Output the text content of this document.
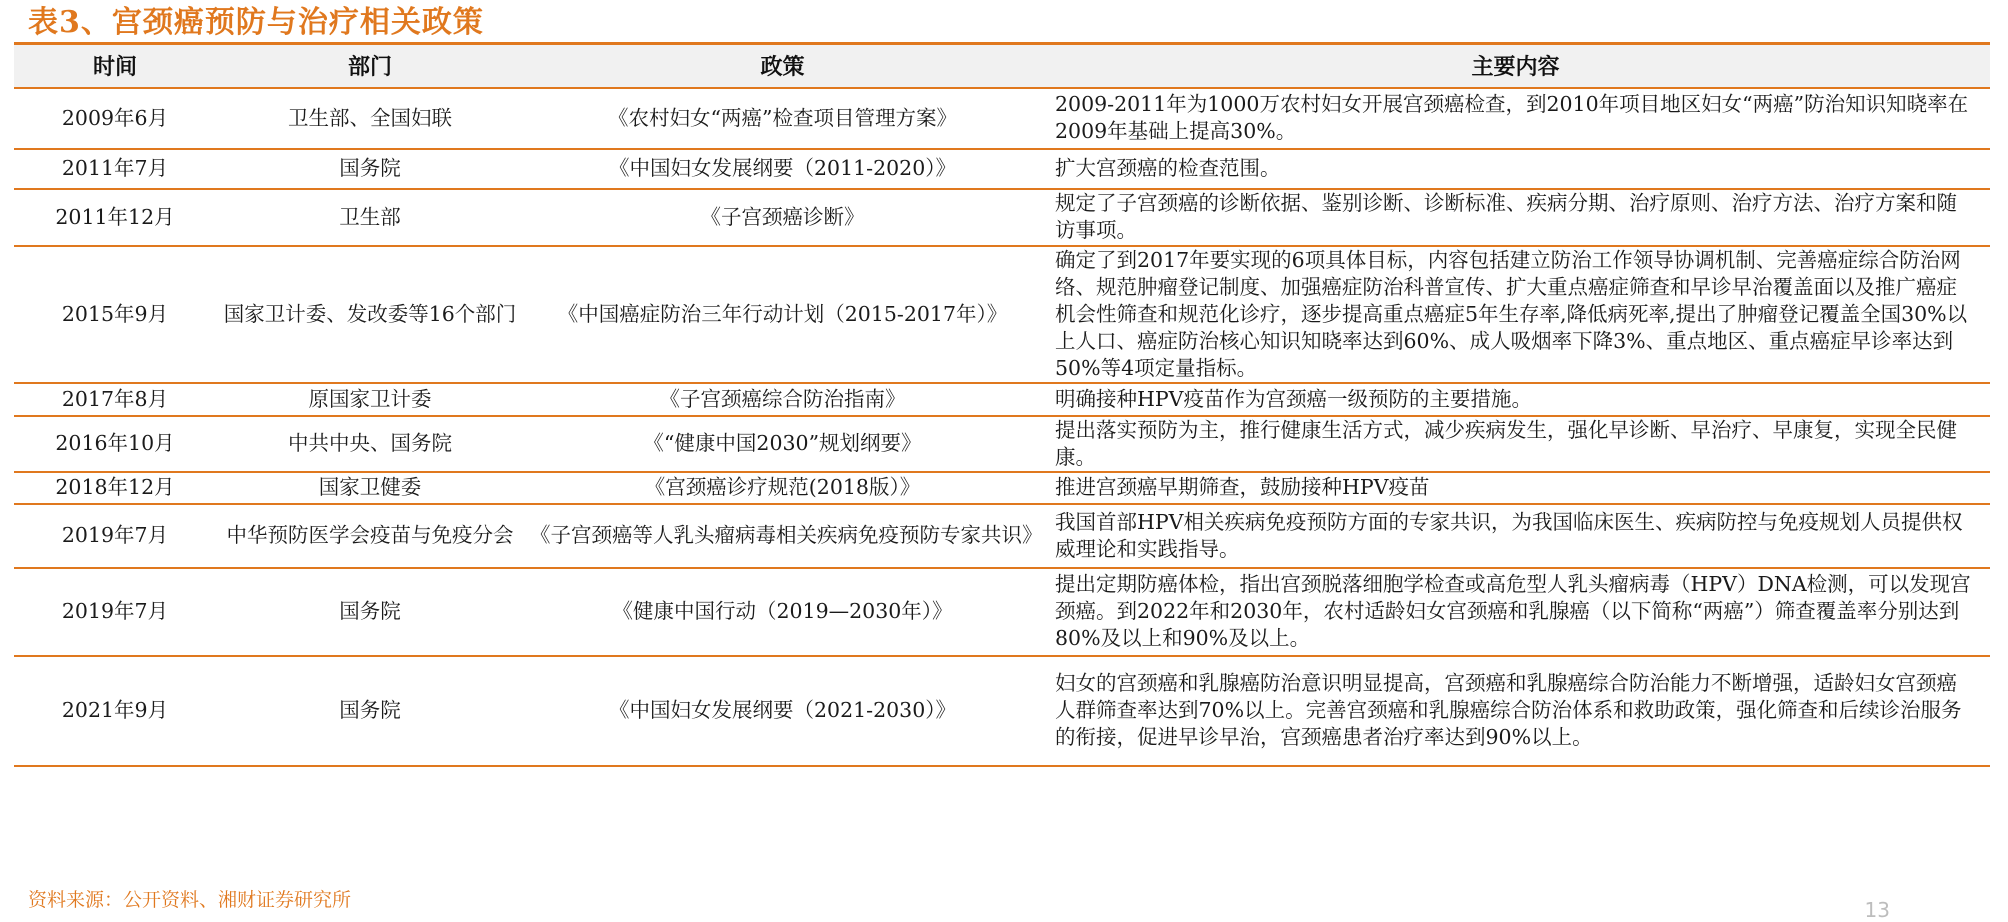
表3、宫颈癌预防与治疗相关政策
时间	部门	政策	主要内容
2009年6月	卫生部、全国妇联	《农村妇女“两癌”检查项目管理方案》	2009-2011年为1000万农村妇女开展宫颈癌检查，到2010年项目地区妇女“两癌”防治知识知晓率在2009年基础上提高30%。
2011年7月	国务院	《中国妇女发展纲要（2011-2020）》	扩大宫颈癌的检查范围。
2011年12月	卫生部	《子宫颈癌诊断》	规定了子宫颈癌的诊断依据、鉴别诊断、诊断标准、疾病分期、治疗原则、治疗方法、治疗方案和随访事项。
2015年9月	国家卫计委、发改委等16个部门	《中国癌症防治三年行动计划（2015-2017年）》	确定了到2017年要实现的6项具体目标，内容包括建立防治工作领导协调机制、完善癌症综合防治网络、规范肿瘤登记制度、加强癌症防治科普宣传、扩大重点癌症筛查和早诊早治覆盖面以及推广癌症机会性筛查和规范化诊疗，逐步提高重点癌症5年生存率,降低病死率,提出了肿瘤登记覆盖全国30%以上人口、癌症防治核心知识知晓率达到60%、成人吸烟率下降3%、重点地区、重点癌症早诊率达到50%等4项定量指标。
2017年8月	原国家卫计委	《子宫颈癌综合防治指南》	明确接种HPV疫苗作为宫颈癌一级预防的主要措施。
2016年10月	中共中央、国务院	《“健康中国2030”规划纲要》	提出落实预防为主，推行健康生活方式，减少疾病发生，强化早诊断、早治疗、早康复，实现全民健康。
2018年12月	国家卫健委	《宫颈癌诊疗规范(2018版）》	推进宫颈癌早期筛查，鼓励接种HPV疫苗
2019年7月	中华预防医学会疫苗与免疫分会	《子宫颈癌等人乳头瘤病毒相关疾病免疫预防专家共识》	我国首部HPV相关疾病免疫预防方面的专家共识，为我国临床医生、疾病防控与免疫规划人员提供权威理论和实践指导。
2019年7月	国务院	《健康中国行动（2019—2030年）》	提出定期防癌体检，指出宫颈脱落细胞学检查或高危型人乳头瘤病毒（HPV）DNA检测，可以发现宫颈癌。到2022年和2030年，农村适龄妇女宫颈癌和乳腺癌（以下简称“两癌”）筛查覆盖率分别达到80%及以上和90%及以上。
2021年9月	国务院	《中国妇女发展纲要（2021-2030）》	妇女的宫颈癌和乳腺癌防治意识明显提高，宫颈癌和乳腺癌综合防治能力不断增强，适龄妇女宫颈癌人群筛查率达到70%以上。完善宫颈癌和乳腺癌综合防治体系和救助政策，强化筛查和后续诊治服务的衔接，促进早诊早治，宫颈癌患者治疗率达到90%以上。
资料来源：公开资料、湘财证券研究所	13
